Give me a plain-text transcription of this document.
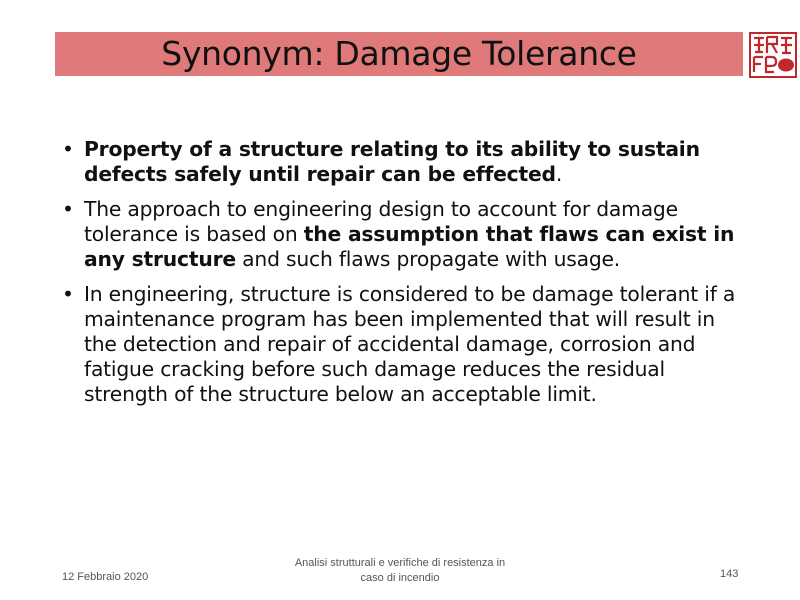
Synonym: Damage Tolerance
• Property of a structure relating to its ability to sustain defects safely until repair can be effected.
• The approach to engineering design to account for damage tolerance is based on the assumption that flaws can exist in any structure and such flaws propagate with usage.
• In engineering, structure is considered to be damage tolerant if a maintenance program has been implemented that will result in the detection and repair of accidental damage, corrosion and fatigue cracking before such damage reduces the residual strength of the structure below an acceptable limit.
12 Febbraio 2020
Analisi strutturali e verifiche di resistenza in
caso di incendio	143
